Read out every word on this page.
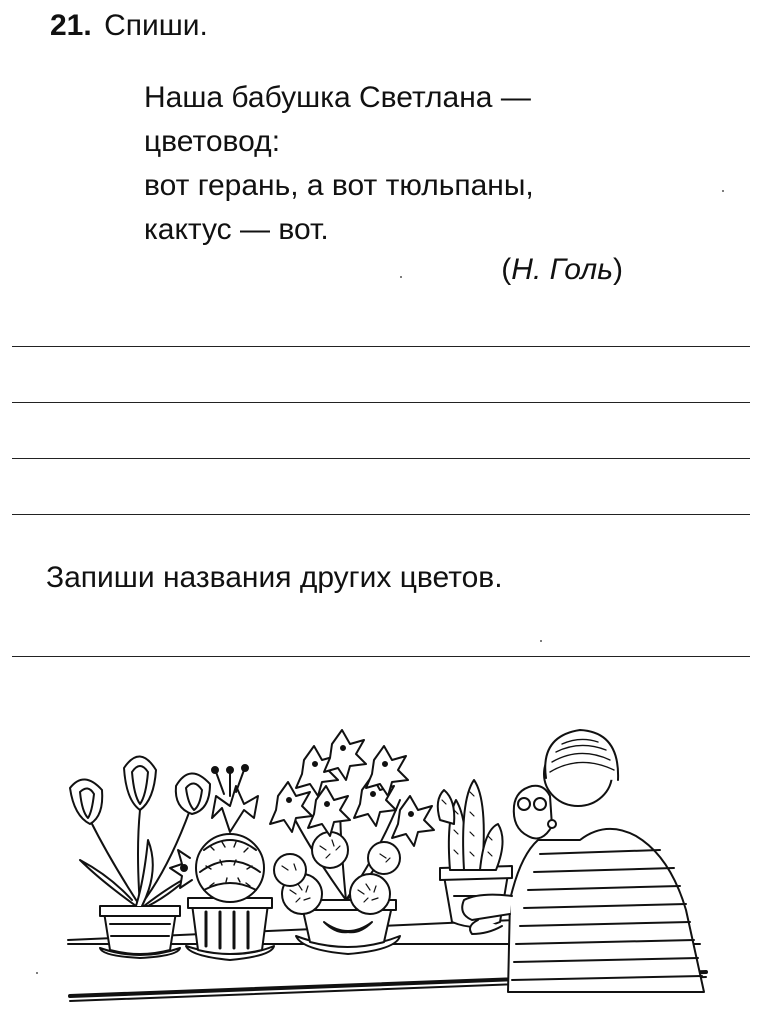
21. Спиши.
Наша бабушка Светлана —
цветовод:
вот герань, а вот тюльпаны,
кактус — вот.
(Н. Голь)
Запиши названия других цветов.
